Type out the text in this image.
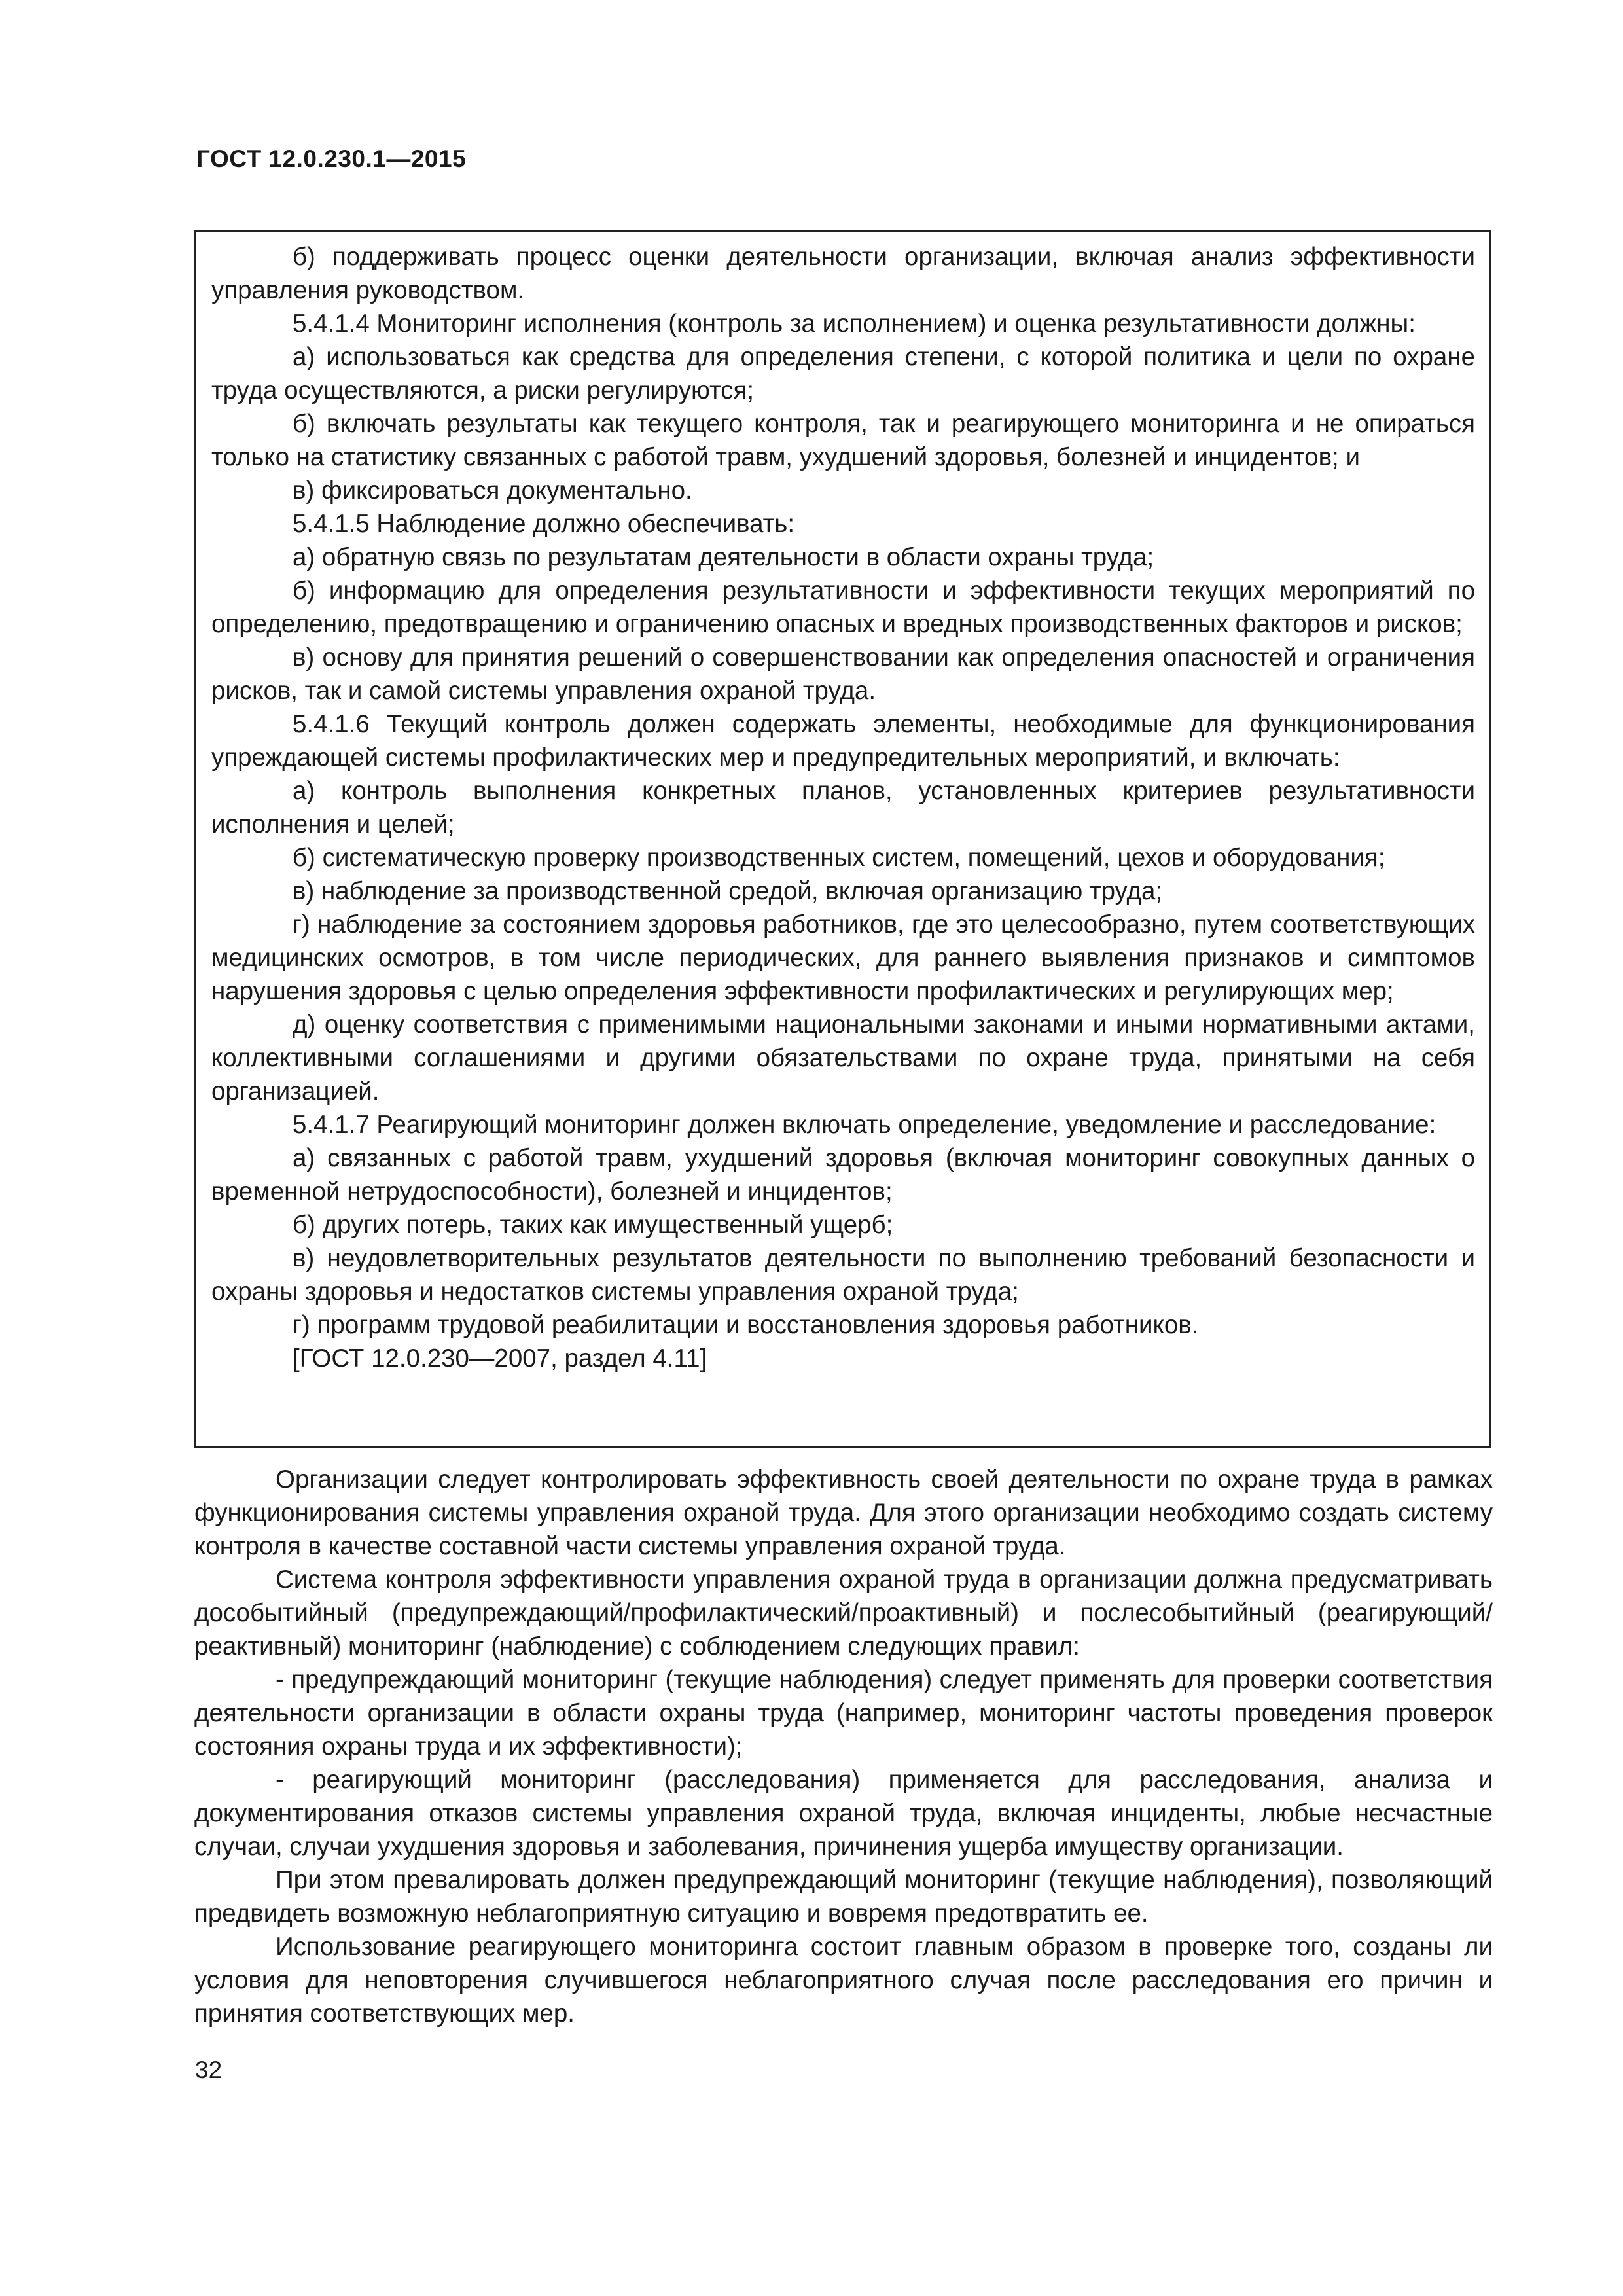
ГОСТ 12.0.230.1—2015

б) поддерживать процесс оценки деятельности организации, включая анализ эффективности управления руководством.

5.4.1.4 Мониторинг исполнения (контроль за исполнением) и оценка результативности должны:

а) использоваться как средства для определения степени, с которой политика и цели по охране труда осуществляются, а риски регулируются;

б) включать результаты как текущего контроля, так и реагирующего мониторинга и не опираться только на статистику связанных с работой травм, ухудшений здоровья, болезней и инцидентов; и

в) фиксироваться документально.

5.4.1.5 Наблюдение должно обеспечивать:

а) обратную связь по результатам деятельности в области охраны труда;

б) информацию для определения результативности и эффективности текущих мероприятий по определению, предотвращению и ограничению опасных и вредных производственных факторов и рисков;

в) основу для принятия решений о совершенствовании как определения опасностей и ограничения рисков, так и самой системы управления охраной труда.

5.4.1.6 Текущий контроль должен содержать элементы, необходимые для функционирования упреждающей системы профилактических мер и предупредительных мероприятий, и включать:

а) контроль выполнения конкретных планов, установленных критериев результативности исполнения и целей;

б) систематическую проверку производственных систем, помещений, цехов и оборудования;

в) наблюдение за производственной средой, включая организацию труда;

г) наблюдение за состоянием здоровья работников, где это целесообразно, путем соответствующих медицинских осмотров, в том числе периодических, для раннего выявления признаков и симптомов нарушения здоровья с целью определения эффективности профилактических и регулирующих мер;

д) оценку соответствия с применимыми национальными законами и иными нормативными актами, коллективными соглашениями и другими обязательствами по охране труда, принятыми на себя организацией.

5.4.1.7 Реагирующий мониторинг должен включать определение, уведомление и расследование:

а) связанных с работой травм, ухудшений здоровья (включая мониторинг совокупных данных о временной нетрудоспособности), болезней и инцидентов;

б) других потерь, таких как имущественный ущерб;

в) неудовлетворительных результатов деятельности по выполнению требований безопасности и охраны здоровья и недостатков системы управления охраной труда;

г) программ трудовой реабилитации и восстановления здоровья работников.

[ГОСТ 12.0.230—2007, раздел 4.11]

Организации следует контролировать эффективность своей деятельности по охране труда в рамках функционирования системы управления охраной труда. Для этого организации необходимо создать систему контроля в качестве составной части системы управления охраной труда.

Система контроля эффективности управления охраной труда в организации должна предусматривать дособытийный (предупреждающий/профилактический/проактивный) и послесобытийный (реагирующий/реактивный) мониторинг (наблюдение) с соблюдением следующих правил:

- предупреждающий мониторинг (текущие наблюдения) следует применять для проверки соответствия деятельности организации в области охраны труда (например, мониторинг частоты проведения проверок состояния охраны труда и их эффективности);

- реагирующий мониторинг (расследования) применяется для расследования, анализа и документирования отказов системы управления охраной труда, включая инциденты, любые несчастные случаи, случаи ухудшения здоровья и заболевания, причинения ущерба имуществу организации.

При этом превалировать должен предупреждающий мониторинг (текущие наблюдения), позволяющий предвидеть возможную неблагоприятную ситуацию и вовремя предотвратить ее.

Использование реагирующего мониторинга состоит главным образом в проверке того, созданы ли условия для неповторения случившегося неблагоприятного случая после расследования его причин и принятия соответствующих мер.

32
